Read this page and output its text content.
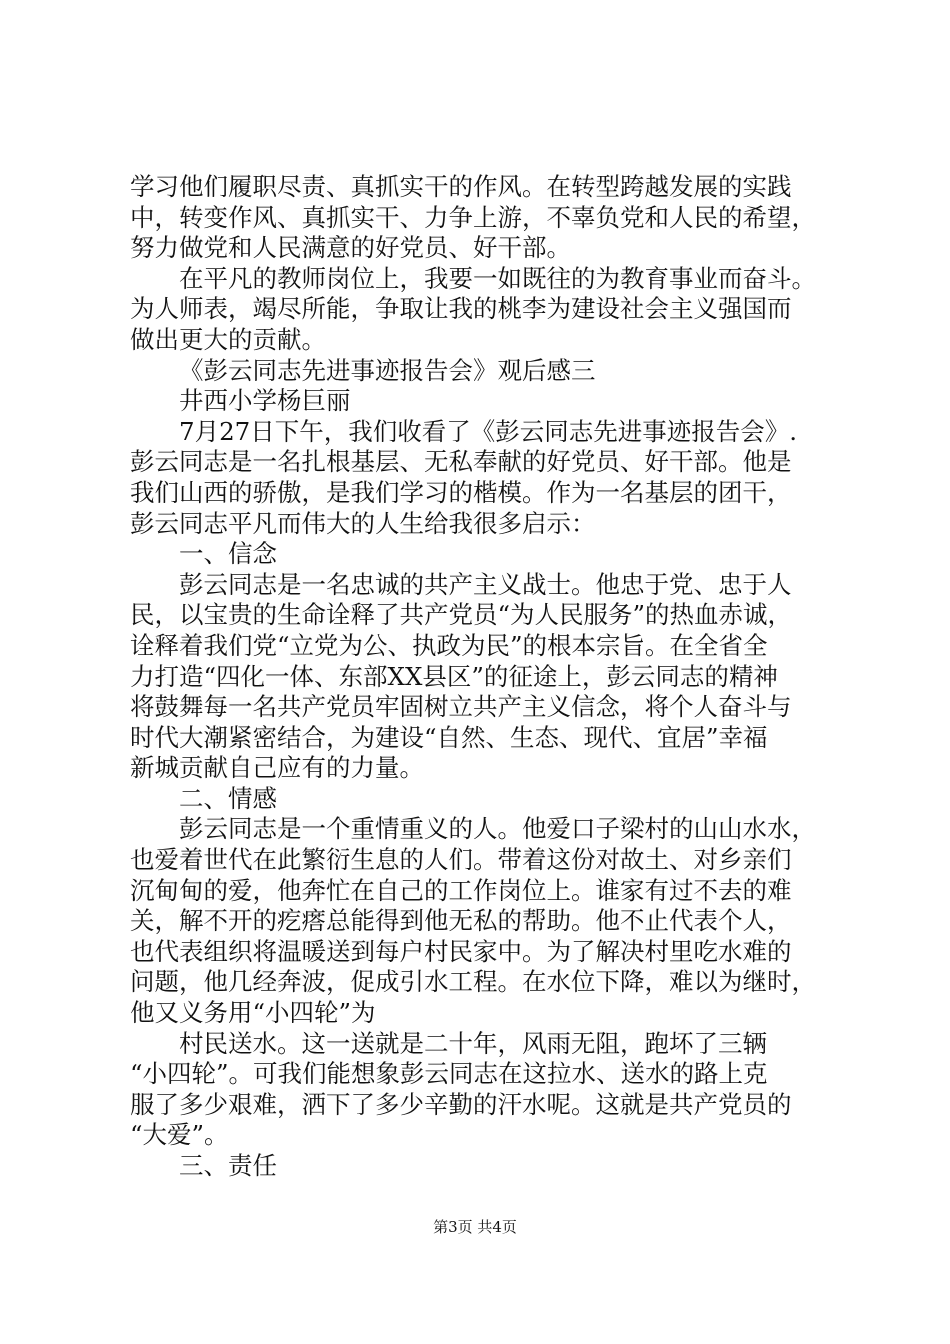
学习他们履职尽责、真抓实干的作风。在转型跨越发展的实践
中，转变作风、真抓实干、力争上游，不辜负党和人民的希望，
努力做党和人民满意的好党员、好干部。
在平凡的教师岗位上，我要一如既往的为教育事业而奋斗。
为人师表，竭尽所能，争取让我的桃李为建设社会主义强国而
做出更大的贡献。
《彭云同志先进事迹报告会》观后感三
井西小学杨巨丽
7月27日下午，我们收看了《彭云同志先进事迹报告会》.
彭云同志是一名扎根基层、无私奉献的好党员、好干部。他是
我们山西的骄傲，是我们学习的楷模。作为一名基层的团干，
彭云同志平凡而伟大的人生给我很多启示：
一、信念
彭云同志是一名忠诚的共产主义战士。他忠于党、忠于人
民，以宝贵的生命诠释了共产党员“为人民服务”的热血赤诚，
诠释着我们党“立党为公、执政为民”的根本宗旨。在全省全
力打造“四化一体、东部XX县区”的征途上，彭云同志的精神
将鼓舞每一名共产党员牢固树立共产主义信念，将个人奋斗与
时代大潮紧密结合，为建设“自然、生态、现代、宜居”幸福
新城贡献自己应有的力量。
二、情感
彭云同志是一个重情重义的人。他爱口子梁村的山山水水，
也爱着世代在此繁衍生息的人们。带着这份对故土、对乡亲们
沉甸甸的爱，他奔忙在自己的工作岗位上。谁家有过不去的难
关，解不开的疙瘩总能得到他无私的帮助。他不止代表个人，
也代表组织将温暖送到每户村民家中。为了解决村里吃水难的
问题，他几经奔波，促成引水工程。在水位下降，难以为继时，
他又义务用“小四轮”为
村民送水。这一送就是二十年，风雨无阻，跑坏了三辆
“小四轮”。可我们能想象彭云同志在这拉水、送水的路上克
服了多少艰难，洒下了多少辛勤的汗水呢。这就是共产党员的
“大爱”。
三、责任
第3页 共4页
